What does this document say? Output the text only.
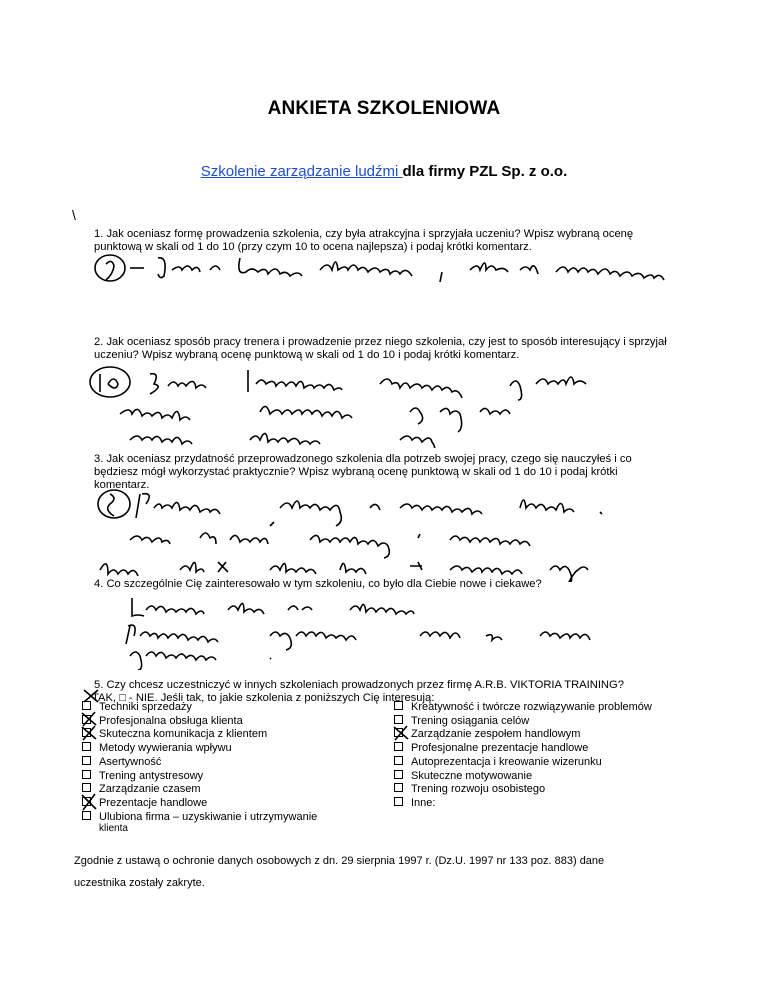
ANKIETA SZKOLENIOWA
Szkolenie zarządzanie ludźmi dla firmy PZL Sp. z o.o.
\
1. Jak oceniasz formę prowadzenia szkolenia, czy była atrakcyjna i sprzyjała uczeniu? Wpisz wybraną ocenę punktową w skali od 1 do 10 (przy czym 10 to ocena najlepsza) i podaj krótki komentarz.
2. Jak oceniasz sposób pracy trenera i prowadzenie przez niego szkolenia, czy jest to sposób interesujący i sprzyjał uczeniu? Wpisz wybraną ocenę punktową w skali od 1 do 10 i podaj krótki komentarz.
3. Jak oceniasz przydatność przeprowadzonego szkolenia dla potrzeb swojej pracy, czego się nauczyłeś i co będziesz mógł wykorzystać praktycznie? Wpisz wybraną ocenę punktową w skali od 1 do 10 i podaj krótki komentarz.
4. Co szczególnie Cię zainteresowało w tym szkoleniu, co było dla Ciebie nowe i ciekawe?
5. Czy chcesz uczestniczyć w innych szkoleniach prowadzonych przez firmę A.R.B. VIKTORIA TRAINING?
TAK, □ - NIE. Jeśli tak, to jakie szkolenia z poniższych Cię interesują:
Techniki sprzedaży
Profesjonalna obsługa klienta
Skuteczna komunikacja z klientem
Metody wywierania wpływu
Asertywność
Trening antystresowy
Zarządzanie czasem
Prezentacje handlowe
Ulubiona firma – uzyskiwanie i utrzymywanie
klienta
Kreatywność i twórcze rozwiązywanie problemów
Trening osiągania celów
Zarządzanie zespołem handlowym
Profesjonalne prezentacje handlowe
Autoprezentacja i kreowanie wizerunku
Skuteczne motywowanie
Trening rozwoju osobistego
Inne:
Zgodnie z ustawą o ochronie danych osobowych z dn. 29 sierpnia 1997 r. (Dz.U. 1997 nr 133 poz. 883) dane
uczestnika zostały zakryte.
